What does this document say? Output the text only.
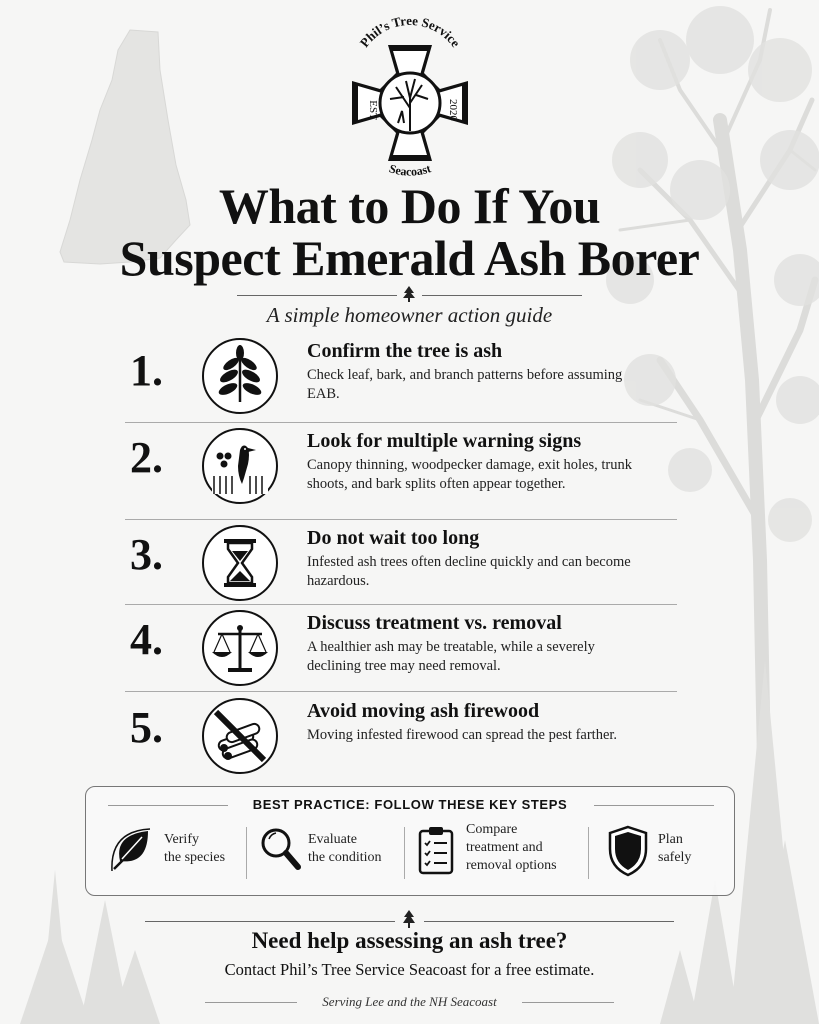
Phil’s Tree Service
EST	2020
Seacoast
What to Do If You
Suspect Emerald Ash Borer
A simple homeowner action guide
1.	Confirm the tree is ash
Check leaf, bark, and branch patterns before assuming EAB.
2.	Look for multiple warning signs
Canopy thinning, woodpecker damage, exit holes, trunk shoots, and bark splits often appear together.
3.	Do not wait too long
Infested ash trees often decline quickly and can become hazardous.
4.	Discuss treatment vs. removal
A healthier ash may be treatable, while a severely declining tree may need removal.
5.	Avoid moving ash firewood
Moving infested firewood can spread the pest farther.
BEST PRACTICE: FOLLOW THESE KEY STEPS
Verify
the species
Evaluate
the condition
Compare
treatment and
removal options
Plan
safely
Need help assessing an ash tree?
Contact Phil’s Tree Service Seacoast for a free estimate.
Serving Lee and the NH Seacoast
